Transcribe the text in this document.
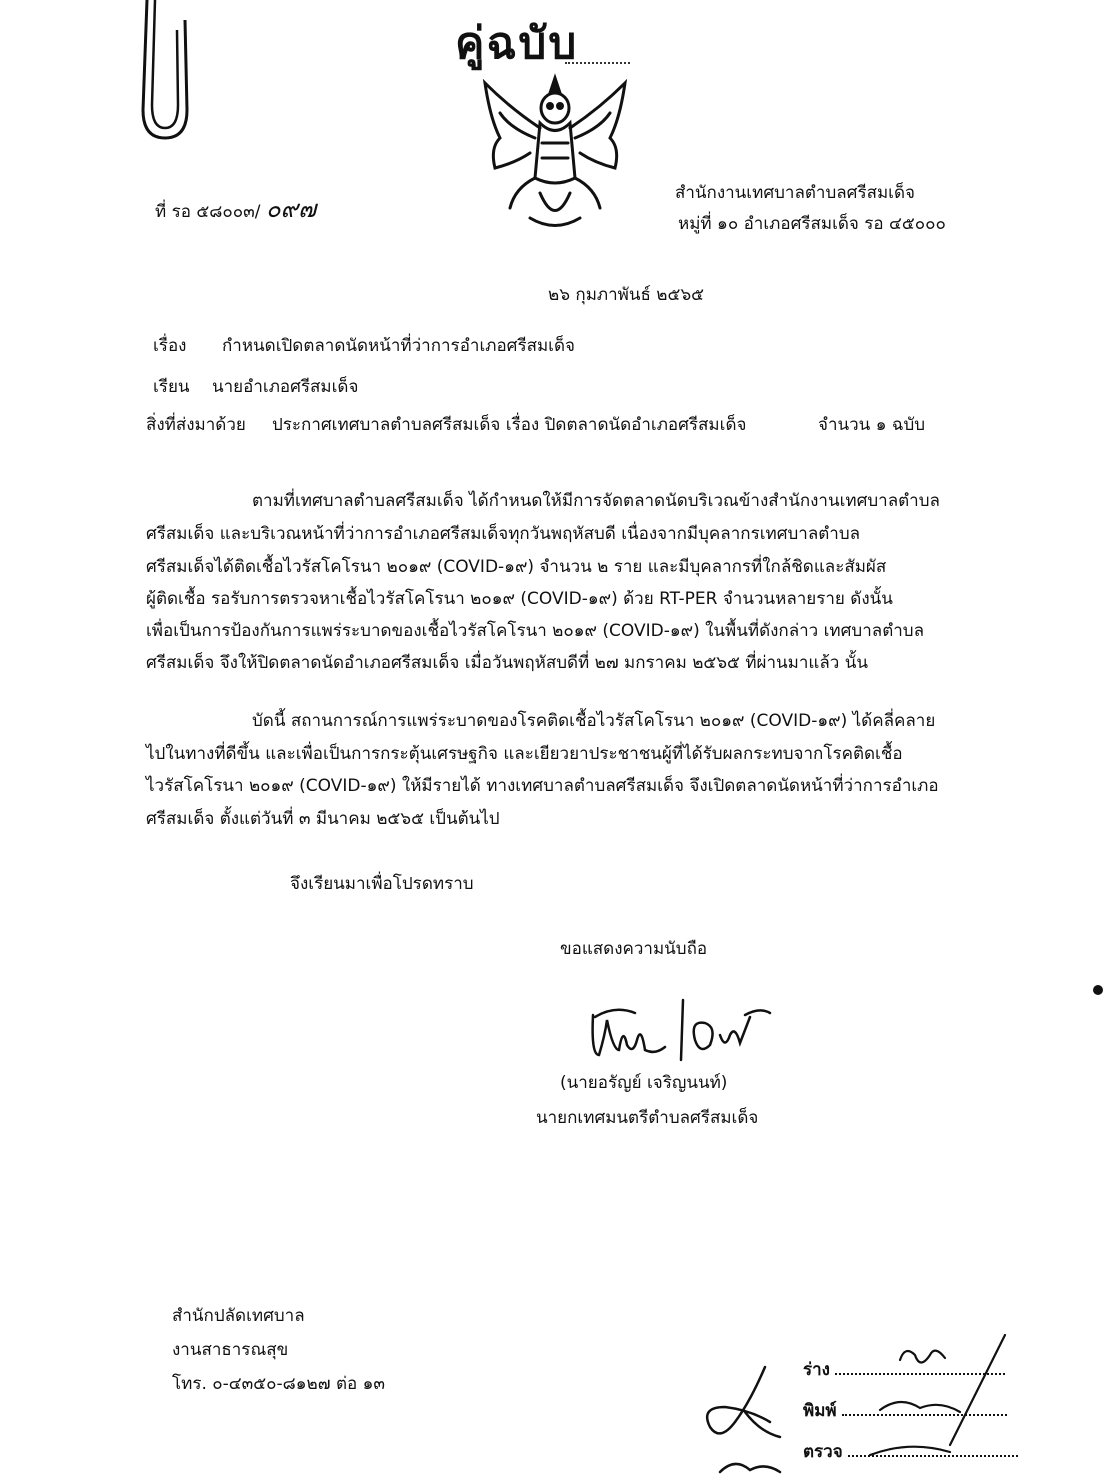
คู่ฉบับ
ที่ รอ ๕๘๐๐๓/ ๐๙๗
สำนักงานเทศบาลตำบลศรีสมเด็จ
หมู่ที่ ๑๐ อำเภอศรีสมเด็จ รอ ๔๕๐๐๐
๒๖ กุมภาพันธ์ ๒๕๖๕
เรื่อง กำหนดเปิดตลาดนัดหน้าที่ว่าการอำเภอศรีสมเด็จ
เรียน นายอำเภอศรีสมเด็จ
สิ่งที่ส่งมาด้วย ประกาศเทศบาลตำบลศรีสมเด็จ เรื่อง ปิดตลาดนัดอำเภอศรีสมเด็จ	จำนวน ๑ ฉบับ
ตามที่เทศบาลตำบลศรีสมเด็จ ได้กำหนดให้มีการจัดตลาดนัดบริเวณข้างสำนักงานเทศบาลตำบล
ศรีสมเด็จ และบริเวณหน้าที่ว่าการอำเภอศรีสมเด็จทุกวันพฤหัสบดี เนื่องจากมีบุคลากรเทศบาลตำบล
ศรีสมเด็จได้ติดเชื้อไวรัสโคโรนา ๒๐๑๙ (COVID-๑๙) จำนวน ๒ ราย และมีบุคลากรที่ใกล้ชิดและสัมผัส
ผู้ติดเชื้อ รอรับการตรวจหาเชื้อไวรัสโคโรนา ๒๐๑๙ (COVID-๑๙) ด้วย RT-PER จำนวนหลายราย ดังนั้น
เพื่อเป็นการป้องกันการแพร่ระบาดของเชื้อไวรัสโคโรนา ๒๐๑๙ (COVID-๑๙) ในพื้นที่ดังกล่าว เทศบาลตำบล
ศรีสมเด็จ จึงให้ปิดตลาดนัดอำเภอศรีสมเด็จ เมื่อวันพฤหัสบดีที่ ๒๗ มกราคม ๒๕๖๕ ที่ผ่านมาแล้ว นั้น
บัดนี้ สถานการณ์การแพร่ระบาดของโรคติดเชื้อไวรัสโคโรนา ๒๐๑๙ (COVID-๑๙) ได้คลี่คลาย
ไปในทางที่ดีขึ้น และเพื่อเป็นการกระตุ้นเศรษฐกิจ และเยียวยาประชาชนผู้ที่ได้รับผลกระทบจากโรคติดเชื้อ
ไวรัสโคโรนา ๒๐๑๙ (COVID-๑๙) ให้มีรายได้ ทางเทศบาลตำบลศรีสมเด็จ จึงเปิดตลาดนัดหน้าที่ว่าการอำเภอ
ศรีสมเด็จ ตั้งแต่วันที่ ๓ มีนาคม ๒๕๖๕ เป็นต้นไป
จึงเรียนมาเพื่อโปรดทราบ
ขอแสดงความนับถือ
(นายอรัญย์ เจริญนนท์)
นายกเทศมนตรีตำบลศรีสมเด็จ
สำนักปลัดเทศบาล
งานสาธารณสุข
โทร. ๐-๔๓๕๐-๘๑๒๗ ต่อ ๑๓
ร่าง
พิมพ์
ตรวจ
